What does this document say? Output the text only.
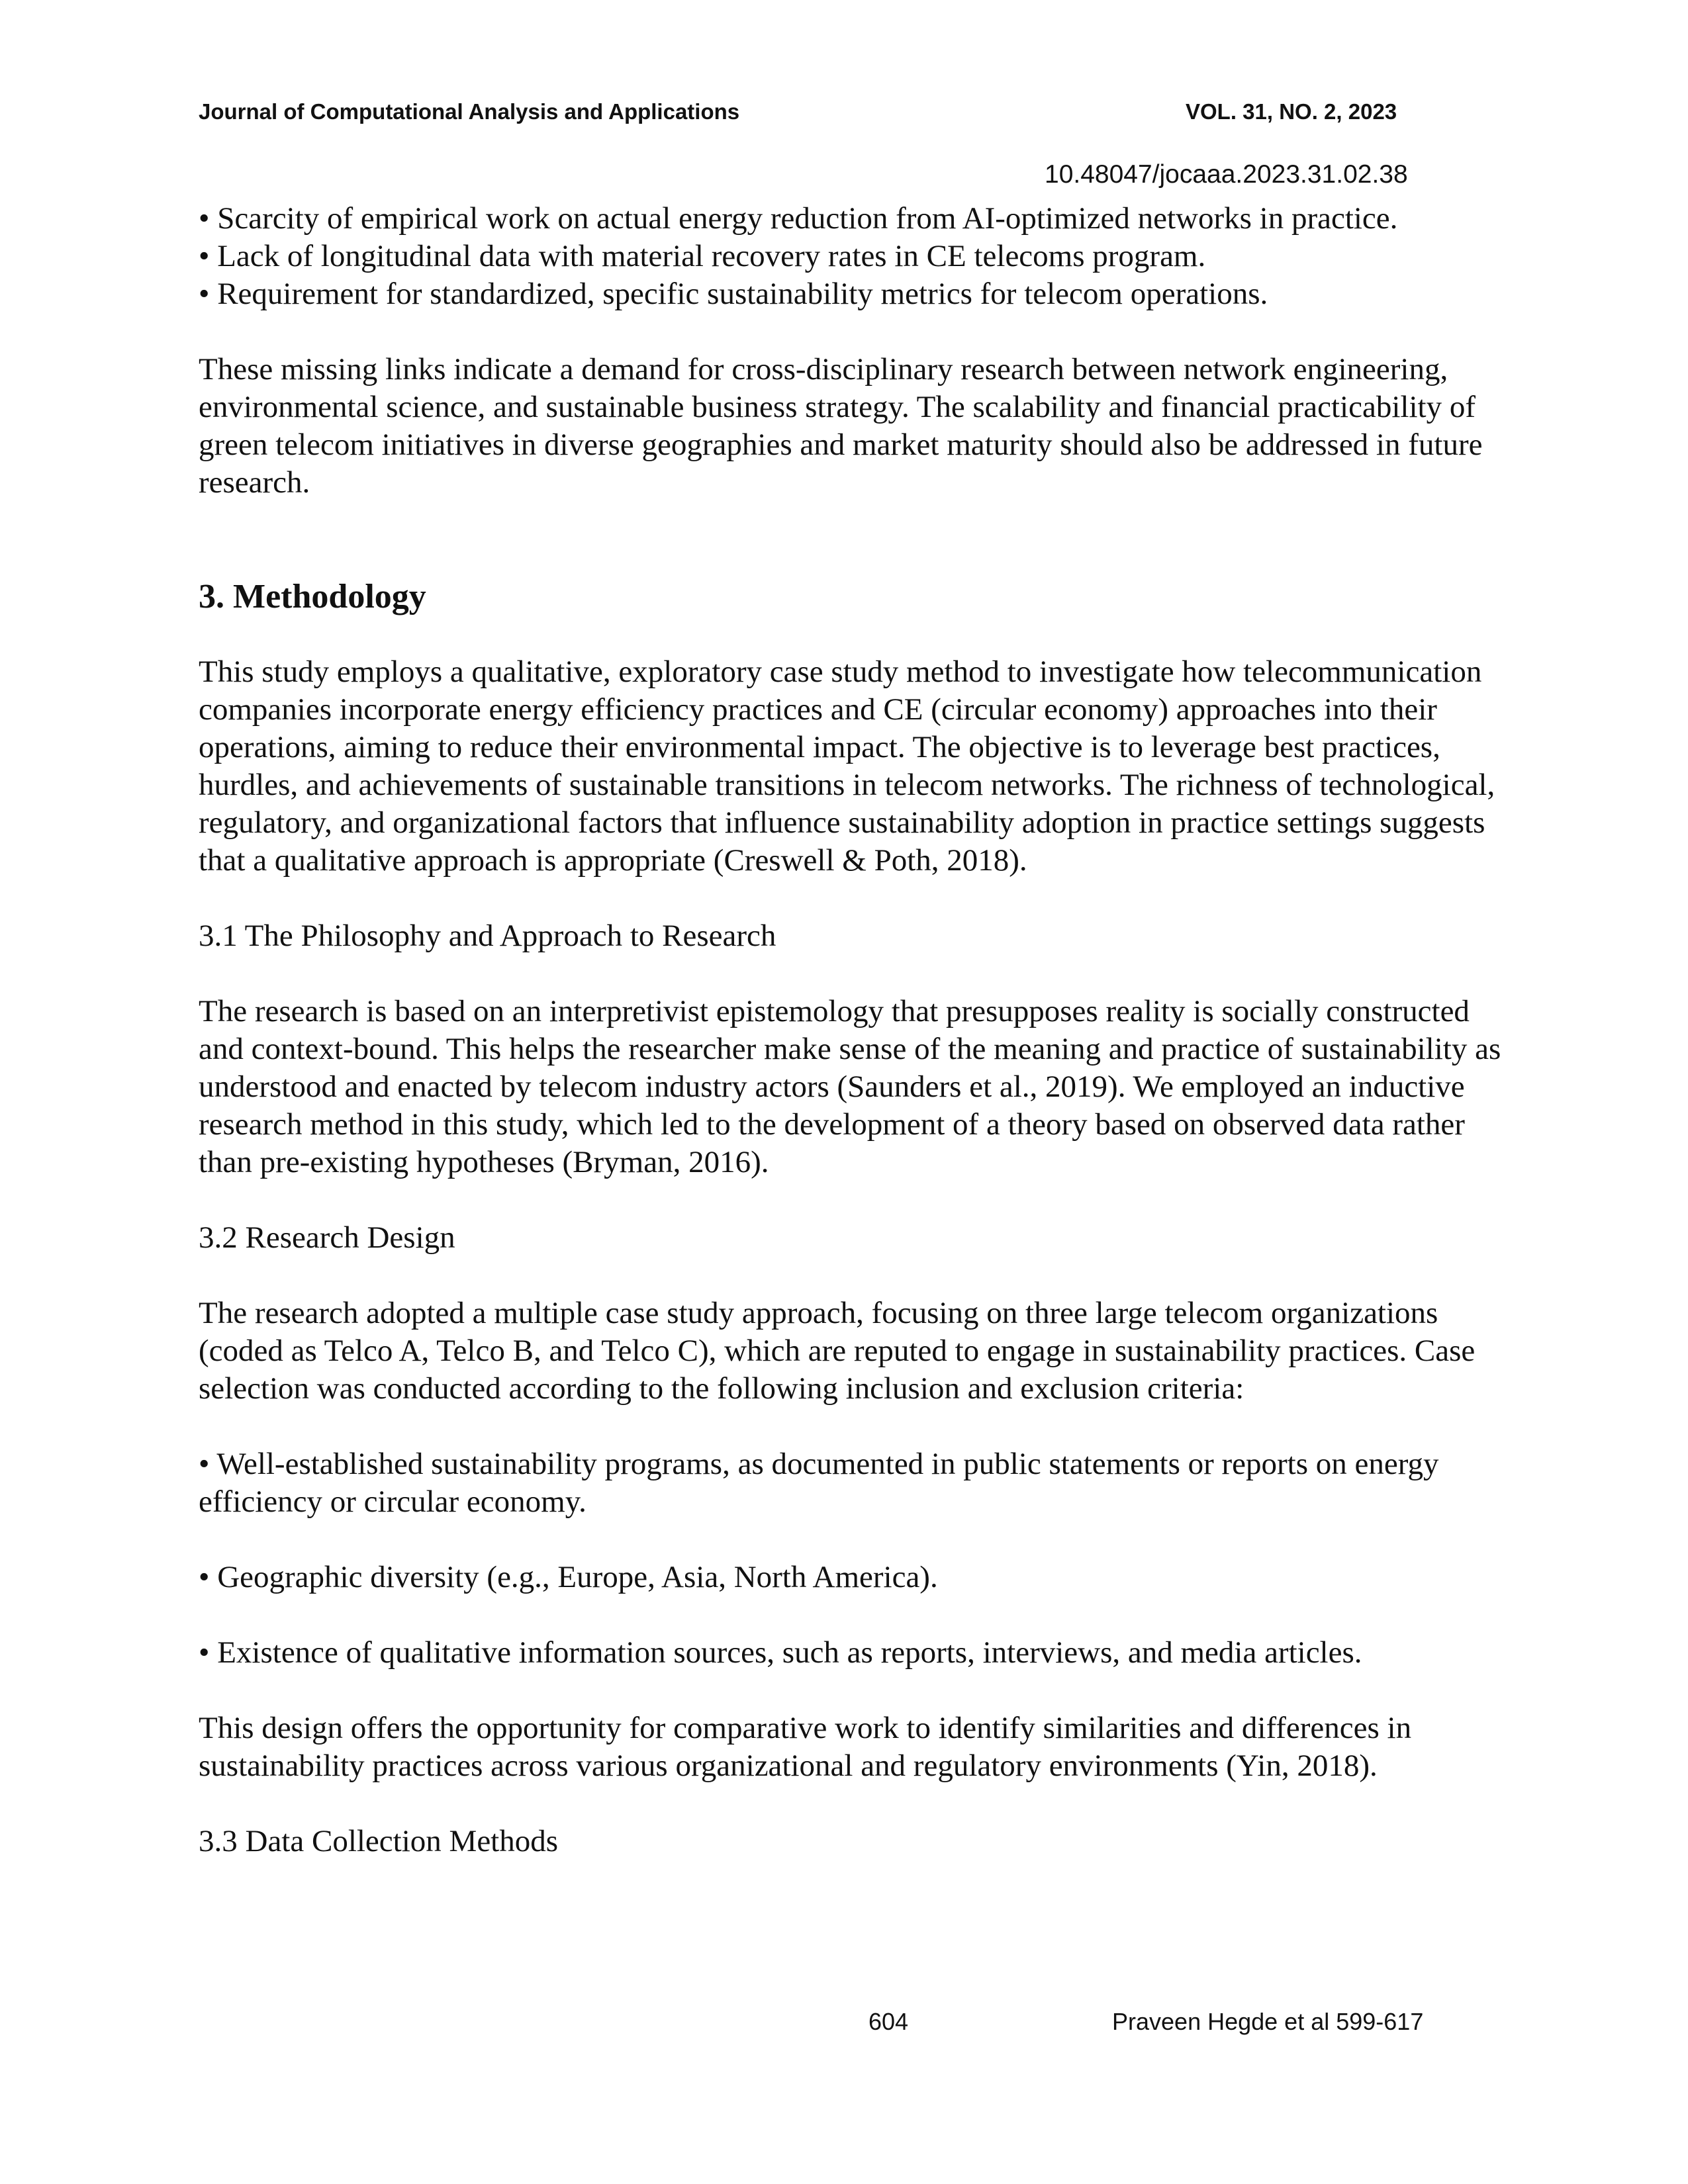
Journal of Computational Analysis and Applications	VOL. 31, NO. 2, 2023
10.48047/jocaaa.2023.31.02.38

• Scarcity of empirical work on actual energy reduction from AI-optimized networks in practice.

• Lack of longitudinal data with material recovery rates in CE telecoms program.

• Requirement for standardized, specific sustainability metrics for telecom operations.

These missing links indicate a demand for cross-disciplinary research between network engineering, environmental science, and sustainable business strategy. The scalability and financial practicability of green telecom initiatives in diverse geographies and market maturity should also be addressed in future research.

3. Methodology

This study employs a qualitative, exploratory case study method to investigate how telecommunication companies incorporate energy efficiency practices and CE (circular economy) approaches into their operations, aiming to reduce their environmental impact. The objective is to leverage best practices, hurdles, and achievements of sustainable transitions in telecom networks. The richness of technological, regulatory, and organizational factors that influence sustainability adoption in practice settings suggests that a qualitative approach is appropriate (Creswell & Poth, 2018).

3.1 The Philosophy and Approach to Research

The research is based on an interpretivist epistemology that presupposes reality is socially constructed and context-bound. This helps the researcher make sense of the meaning and practice of sustainability as understood and enacted by telecom industry actors (Saunders et al., 2019). We employed an inductive research method in this study, which led to the development of a theory based on observed data rather than pre-existing hypotheses (Bryman, 2016).

3.2 Research Design

The research adopted a multiple case study approach, focusing on three large telecom organizations (coded as Telco A, Telco B, and Telco C), which are reputed to engage in sustainability practices. Case selection was conducted according to the following inclusion and exclusion criteria:

• Well-established sustainability programs, as documented in public statements or reports on energy efficiency or circular economy.

• Geographic diversity (e.g., Europe, Asia, North America).

• Existence of qualitative information sources, such as reports, interviews, and media articles.

This design offers the opportunity for comparative work to identify similarities and differences in sustainability practices across various organizational and regulatory environments (Yin, 2018).

3.3 Data Collection Methods

604	Praveen Hegde et al 599-617
